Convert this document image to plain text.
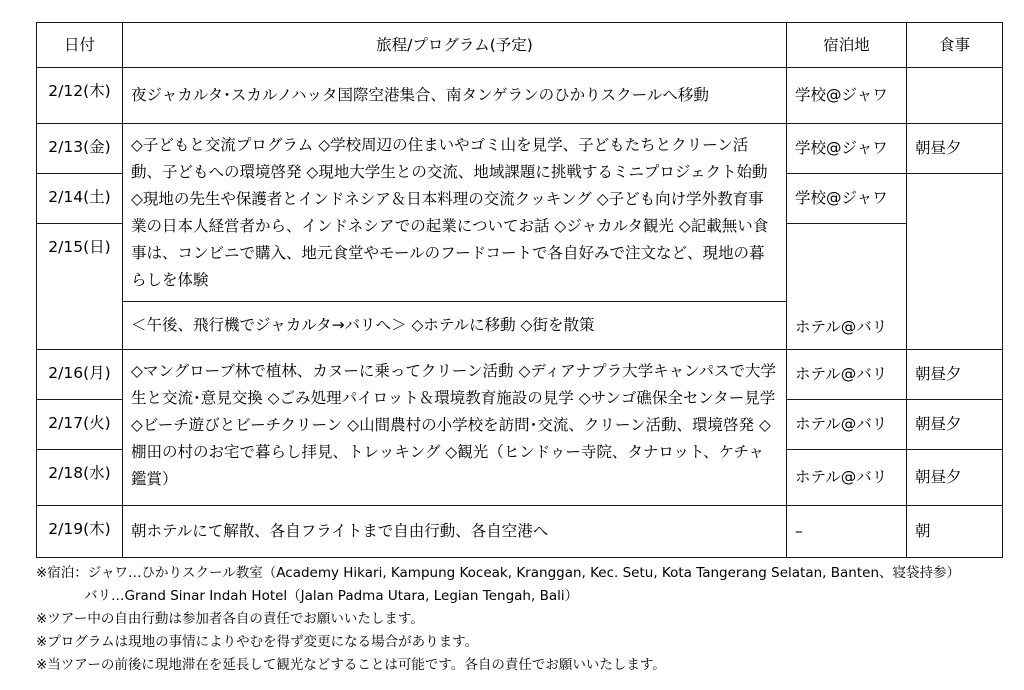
日付	旅程/プログラム(予定)	宿泊地	食事
2/12(木)	夜ジャカルタ･スカルノハッタ国際空港集合、南タンゲランのひかりスクールへ移動	学校@ジャワ	
2/13(金)	◇子どもと交流プログラム ◇学校周辺の住まいやゴミ山を見学、子どもたちとクリーン活動、子どもへの環境啓発 ◇現地大学生との交流、地域課題に挑戦するミニプロジェクト始動 ◇現地の先生や保護者とインドネシア＆日本料理の交流クッキング ◇子ども向け学外教育事業の日本人経営者から、インドネシアでの起業についてお話 ◇ジャカルタ観光 ◇記載無い食事は、コンビニで購入、地元食堂やモールのフードコートで各自好みで注文など、現地の暮らしを体験	学校@ジャワ	朝昼夕
2/14(土)		学校@ジャワ	
2/15(日)		ホテル@バリ	
	＜午後、飛行機でジャカルタ→バリへ＞ ◇ホテルに移動 ◇街を散策		
2/16(月)	◇マングローブ林で植林、カヌーに乗ってクリーン活動 ◇ディアナプラ大学キャンパスで大学生と交流･意見交換 ◇ごみ処理パイロット＆環境教育施設の見学 ◇サンゴ礁保全センター見学 ◇ビーチ遊びとビーチクリーン ◇山間農村の小学校を訪問･交流、クリーン活動、環境啓発 ◇棚田の村のお宅で暮らし拝見、トレッキング ◇観光（ヒンドゥー寺院、タナロット、ケチャ鑑賞）	ホテル@バリ	朝昼夕
2/17(火)		ホテル@バリ	朝昼夕
2/18(水)		ホテル@バリ	朝昼夕
2/19(木)	朝ホテルにて解散、各自フライトまで自由行動、各自空港へ	–	朝

※宿泊：ジャワ…ひかりスクール教室（Academy Hikari, Kampung Koceak, Kranggan, Kec. Setu, Kota Tangerang Selatan, Banten、寝袋持参）

バリ…Grand Sinar Indah Hotel（Jalan Padma Utara, Legian Tengah, Bali）

※ツアー中の自由行動は参加者各自の責任でお願いいたします。

※プログラムは現地の事情によりやむを得ず変更になる場合があります。

※当ツアーの前後に現地滞在を延長して観光などすることは可能です。各自の責任でお願いいたします。
